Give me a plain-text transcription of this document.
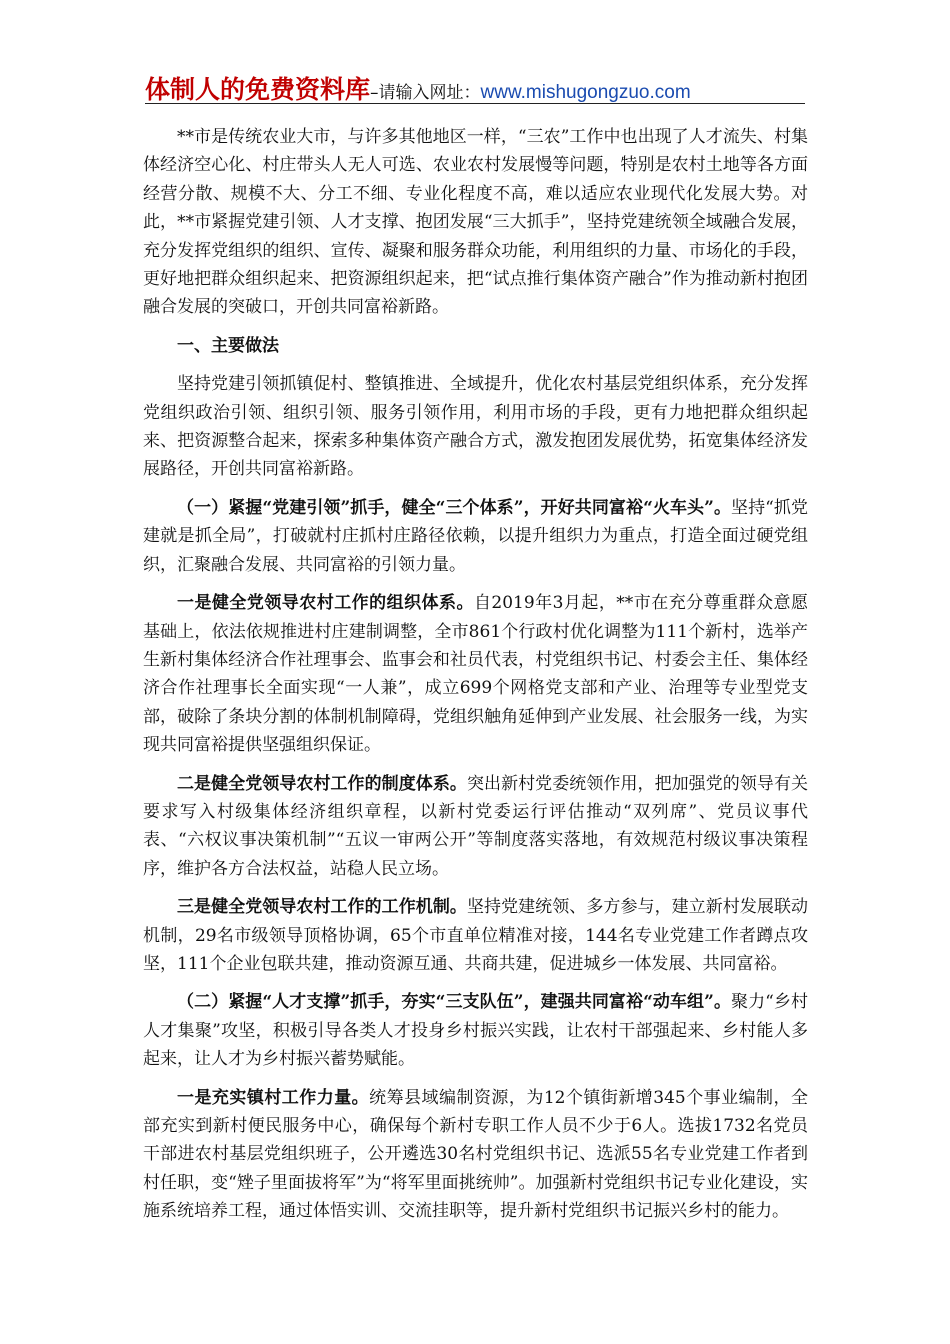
体制人的免费资料库–请输入网址：www.mishugongzuo.com

**市是传统农业大市，与许多其他地区一样，“三农”工作中也出现了人才流失、村集体经济空心化、村庄带头人无人可选、农业农村发展慢等问题，特别是农村土地等各方面经营分散、规模不大、分工不细、专业化程度不高，难以适应农业现代化发展大势。对此，**市紧握党建引领、人才支撑、抱团发展“三大抓手”，坚持党建统领全域融合发展，充分发挥党组织的组织、宣传、凝聚和服务群众功能，利用组织的力量、市场化的手段，更好地把群众组织起来、把资源组织起来，把“试点推行集体资产融合”作为推动新村抱团融合发展的突破口，开创共同富裕新路。

一、主要做法

坚持党建引领抓镇促村、整镇推进、全域提升，优化农村基层党组织体系，充分发挥党组织政治引领、组织引领、服务引领作用，利用市场的手段，更有力地把群众组织起来、把资源整合起来，探索多种集体资产融合方式，激发抱团发展优势，拓宽集体经济发展路径，开创共同富裕新路。

（一）紧握“党建引领”抓手，健全“三个体系”，开好共同富裕“火车头”。坚持“抓党建就是抓全局”，打破就村庄抓村庄路径依赖，以提升组织力为重点，打造全面过硬党组织，汇聚融合发展、共同富裕的引领力量。

一是健全党领导农村工作的组织体系。自2019年3月起，**市在充分尊重群众意愿基础上，依法依规推进村庄建制调整，全市861个行政村优化调整为111个新村，选举产生新村集体经济合作社理事会、监事会和社员代表，村党组织书记、村委会主任、集体经济合作社理事长全面实现“一人兼”，成立699个网格党支部和产业、治理等专业型党支部，破除了条块分割的体制机制障碍，党组织触角延伸到产业发展、社会服务一线，为实现共同富裕提供坚强组织保证。

二是健全党领导农村工作的制度体系。突出新村党委统领作用，把加强党的领导有关要求写入村级集体经济组织章程，以新村党委运行评估推动“双列席”、党员议事代表、“六权议事决策机制”“五议一审两公开”等制度落实落地，有效规范村级议事决策程序，维护各方合法权益，站稳人民立场。

三是健全党领导农村工作的工作机制。坚持党建统领、多方参与，建立新村发展联动机制，29名市级领导顶格协调，65个市直单位精准对接，144名专业党建工作者蹲点攻坚，111个企业包联共建，推动资源互通、共商共建，促进城乡一体发展、共同富裕。

（二）紧握“人才支撑”抓手，夯实“三支队伍”，建强共同富裕“动车组”。聚力“乡村人才集聚”攻坚，积极引导各类人才投身乡村振兴实践，让农村干部强起来、乡村能人多起来，让人才为乡村振兴蓄势赋能。

一是充实镇村工作力量。统筹县域编制资源，为12个镇街新增345个事业编制，全部充实到新村便民服务中心，确保每个新村专职工作人员不少于6人。选拔1732名党员干部进农村基层党组织班子，公开遴选30名村党组织书记、选派55名专业党建工作者到村任职，变“矬子里面拔将军”为“将军里面挑统帅”。加强新村党组织书记专业化建设，实施系统培养工程，通过体悟实训、交流挂职等，提升新村党组织书记振兴乡村的能力。
